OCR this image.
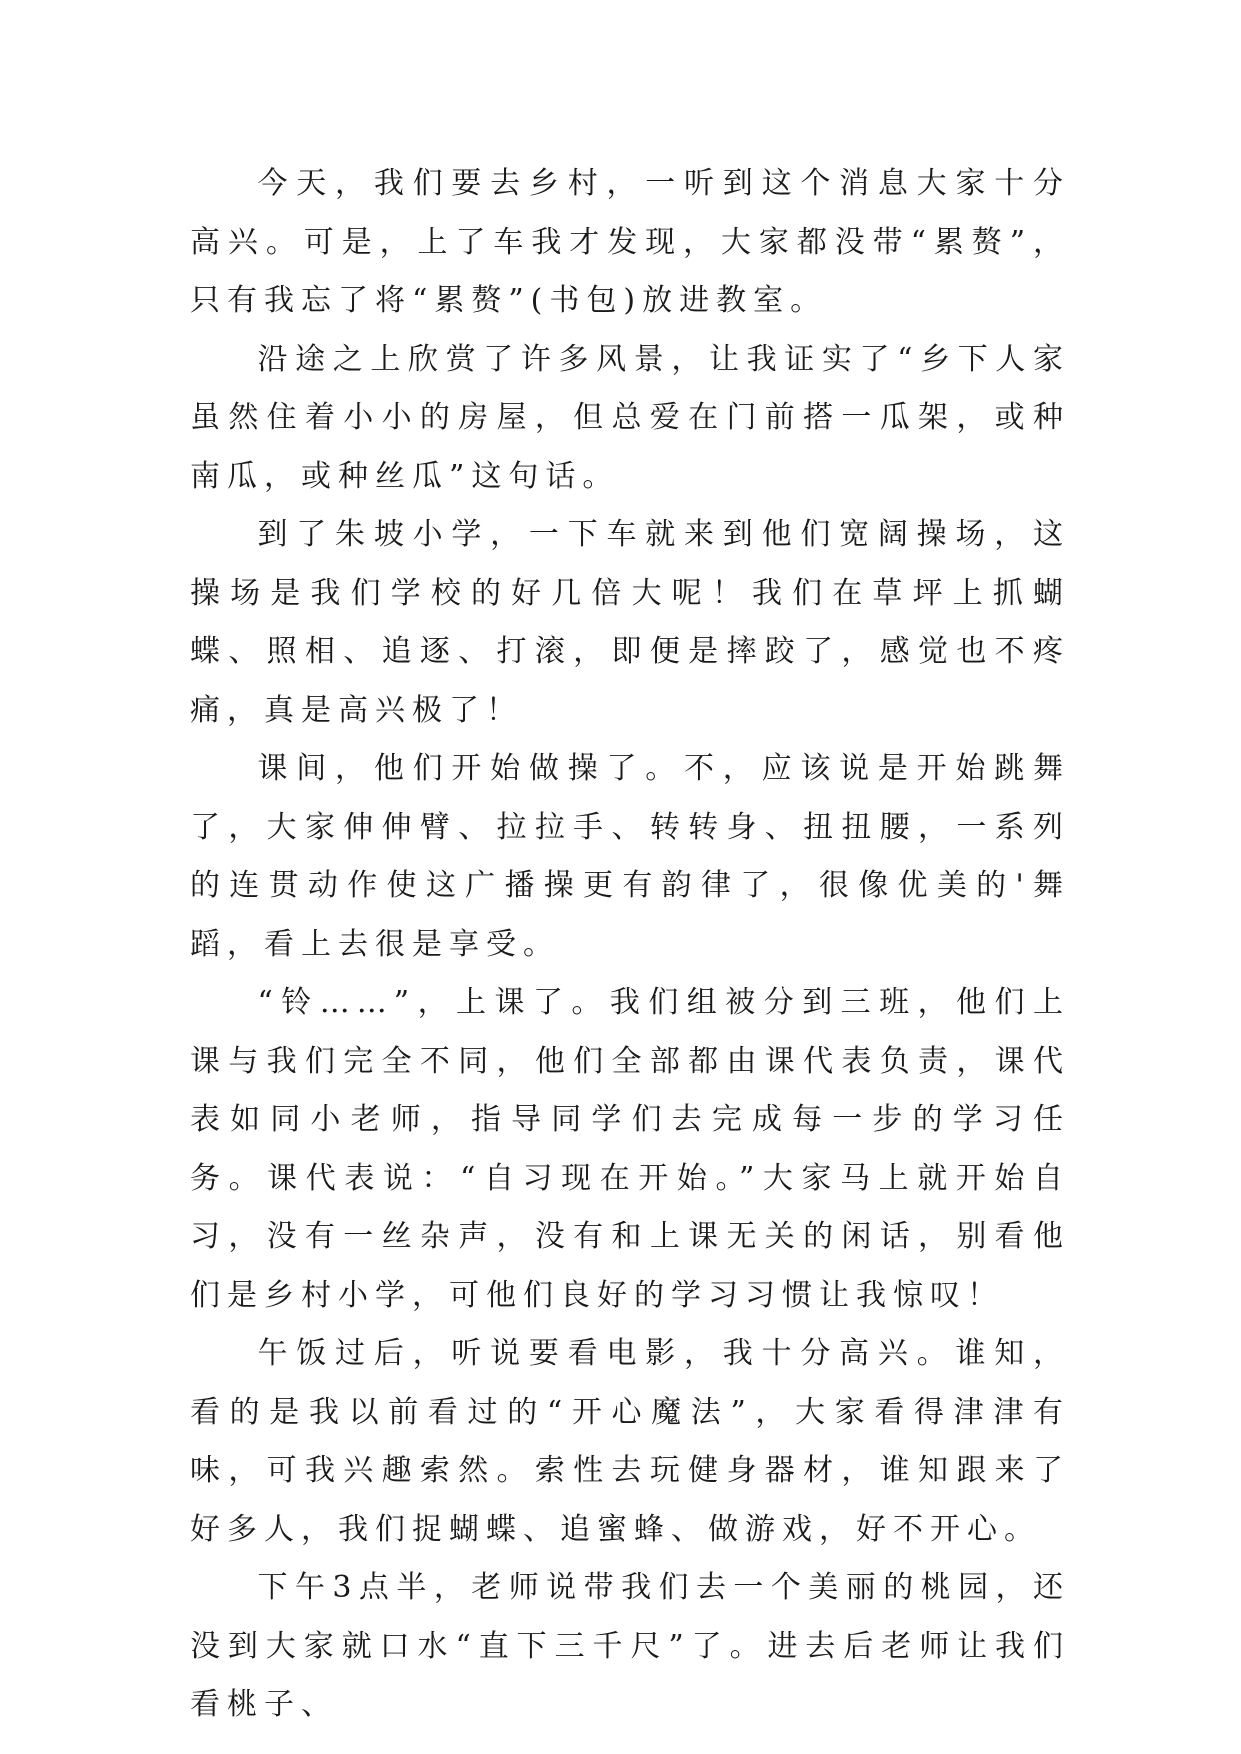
今天，我们要去乡村，一听到这个消息大家十分高兴。可是，上了车我才发现，大家都没带“累赘”，只有我忘了将“累赘”(书包)放进教室。

沿途之上欣赏了许多风景，让我证实了“乡下人家虽然住着小小的房屋，但总爱在门前搭一瓜架，或种南瓜，或种丝瓜”这句话。

到了朱坡小学，一下车就来到他们宽阔操场，这操场是我们学校的好几倍大呢！我们在草坪上抓蝴蝶、照相、追逐、打滚，即便是摔跤了，感觉也不疼痛，真是高兴极了！

课间，他们开始做操了。不，应该说是开始跳舞了，大家伸伸臂、拉拉手、转转身、扭扭腰，一系列的连贯动作使这广播操更有韵律了，很像优美的'舞蹈，看上去很是享受。

“铃……”，上课了。我们组被分到三班，他们上课与我们完全不同，他们全部都由课代表负责，课代表如同小老师，指导同学们去完成每一步的学习任务。课代表说：“自习现在开始。”大家马上就开始自习，没有一丝杂声，没有和上课无关的闲话，别看他们是乡村小学，可他们良好的学习习惯让我惊叹！

午饭过后，听说要看电影，我十分高兴。谁知，看的是我以前看过的“开心魔法”，大家看得津津有味，可我兴趣索然。索性去玩健身器材，谁知跟来了好多人，我们捉蝴蝶、追蜜蜂、做游戏，好不开心。

下午3点半，老师说带我们去一个美丽的桃园，还没到大家就口水“直下三千尺”了。进去后老师让我们看桃子、
